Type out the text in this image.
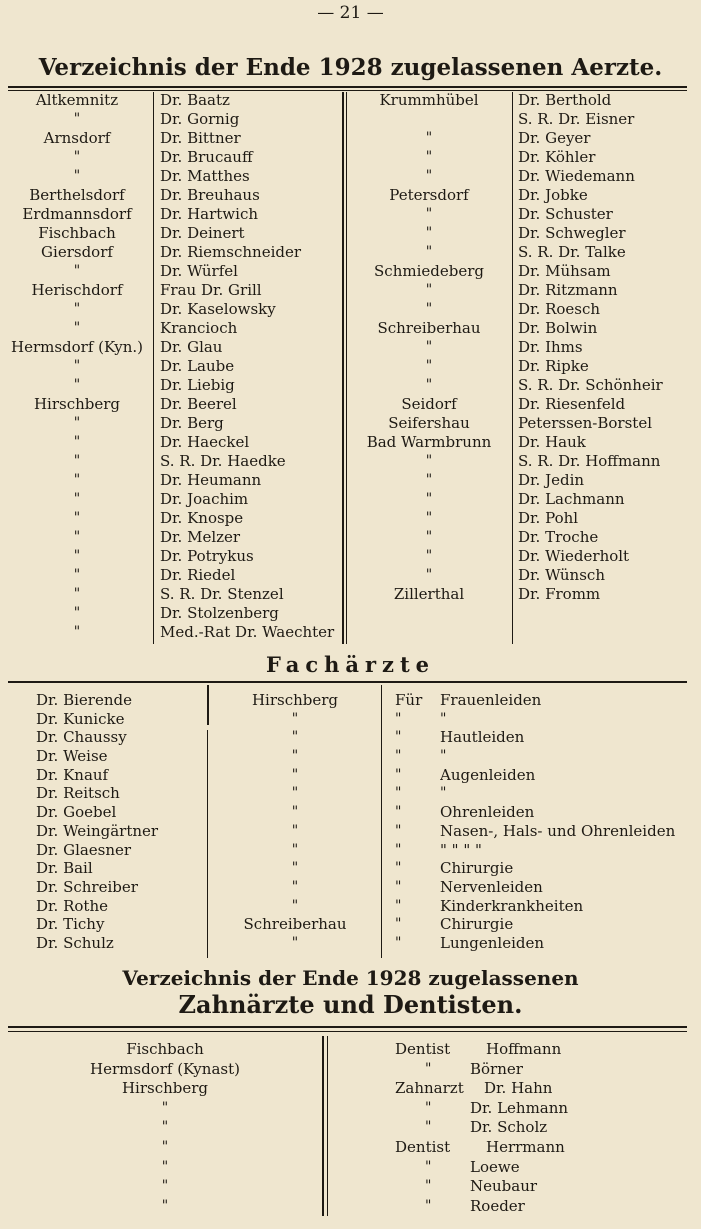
— 21 —
Verzeichnis der Ende 1928 zugelassenen Aerzte.
Altkemnitz
"
Arnsdorf
"
"
Berthelsdorf
Erdmannsdorf
Fischbach
Giersdorf
"
Herischdorf
"
"
Hermsdorf (Kyn.)
"
"
Hirschberg
"
"
"
"
"
"
"
"
"
"
"
"
Dr. Baatz
Dr. Gornig
Dr. Bittner
Dr. Brucauff
Dr. Matthes
Dr. Breuhaus
Dr. Hartwich
Dr. Deinert
Dr. Riemschneider
Dr. Würfel
Frau Dr. Grill
Dr. Kaselowsky
Krancioch
Dr. Glau
Dr. Laube
Dr. Liebig
Dr. Beerel
Dr. Berg
Dr. Haeckel
S. R. Dr. Haedke
Dr. Heumann
Dr. Joachim
Dr. Knospe
Dr. Melzer
Dr. Potrykus
Dr. Riedel
S. R. Dr. Stenzel
Dr. Stolzenberg
Med.-Rat Dr. Waechter
Krummhübel
"
"
"
Petersdorf
"
"
"
Schmiedeberg
"
"
Schreiberhau
"
"
"
Seidorf
Seifershau
Bad Warmbrunn
"
"
"
"
"
"
"
Zillerthal
Dr. Berthold
S. R. Dr. Eisner
Dr. Geyer
Dr. Köhler
Dr. Wiedemann
Dr. Jobke
Dr. Schuster
Dr. Schwegler
S. R. Dr. Talke
Dr. Mühsam
Dr. Ritzmann
Dr. Roesch
Dr. Bolwin
Dr. Ihms
Dr. Ripke
S. R. Dr. Schönheir
Dr. Riesenfeld
Peterssen-Borstel
Dr. Hauk
S. R. Dr. Hoffmann
Dr. Jedin
Dr. Lachmann
Dr. Pohl
Dr. Troche
Dr. Wiederholt
Dr. Wünsch
Dr. Fromm
Fachärzte
Dr. Bierende
Dr. Kunicke
Dr. Chaussy
Dr. Weise
Dr. Knauf
Dr. Reitsch
Dr. Goebel
Dr. Weingärtner
Dr. Glaesner
Dr. Bail
Dr. Schreiber
Dr. Rothe
Dr. Tichy
Dr. Schulz
Hirschberg
"
"
"
"
"
"
"
"
"
"
"
Schreiberhau
"
Für
"
"
"
"
"
"
"
"
"
"
"
"
"
Frauenleiden
"
Hautleiden
"
Augenleiden
"
Ohrenleiden
Nasen-, Hals- und Ohrenleiden
" " " "
Chirurgie
Nervenleiden
Kinderkrankheiten
Chirurgie
Lungenleiden
Verzeichnis der Ende 1928 zugelassenen
Zahnärzte und Dentisten.
Fischbach
Hermsdorf (Kynast)
Hirschberg
"
"
"
"
"
"
Dentist
"
Zahnarzt
"
"
Dentist
"
"
"
Hoffmann
Börner
Dr. Hahn
Dr. Lehmann
Dr. Scholz
Herrmann
Loewe
Neubaur
Roeder
